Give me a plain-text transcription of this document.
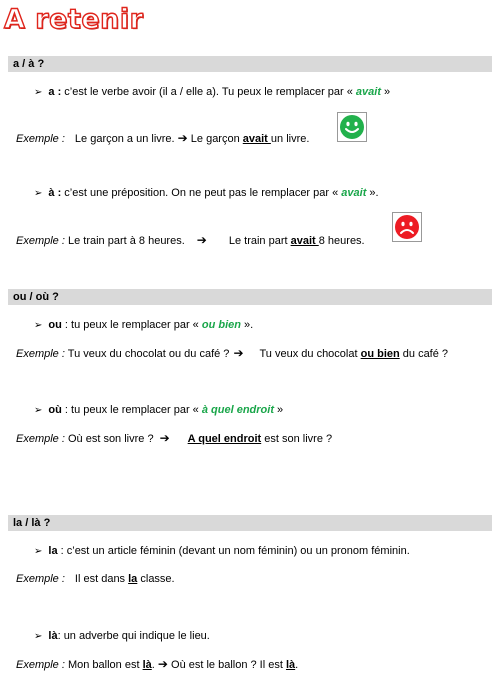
A retenir
a / à ?
➢ a : c’est le verbe avoir (il a / elle a). Tu peux le remplacer par « avait »
Exemple : Le garçon a un livre. ➔ Le garçon avait un livre.
➢ à : c’est une préposition. On ne peut pas le remplacer par « avait ».
Exemple : Le train part à 8 heures. ➔ Le train part avait 8 heures.
ou / où ?
➢ ou : tu peux le remplacer par « ou bien ».
Exemple : Tu veux du chocolat ou du café ? ➔ Tu veux du chocolat ou bien du café ?
➢ où : tu peux le remplacer par « à quel endroit »
Exemple : Où est son livre ? ➔ A quel endroit est son livre ?
la / là ?
➢ la : c’est un article féminin (devant un nom féminin) ou un pronom féminin.
Exemple : Il est dans la classe.
➢ là: un adverbe qui indique le lieu.
Exemple : Mon ballon est là. ➔ Où est le ballon ? Il est là.
